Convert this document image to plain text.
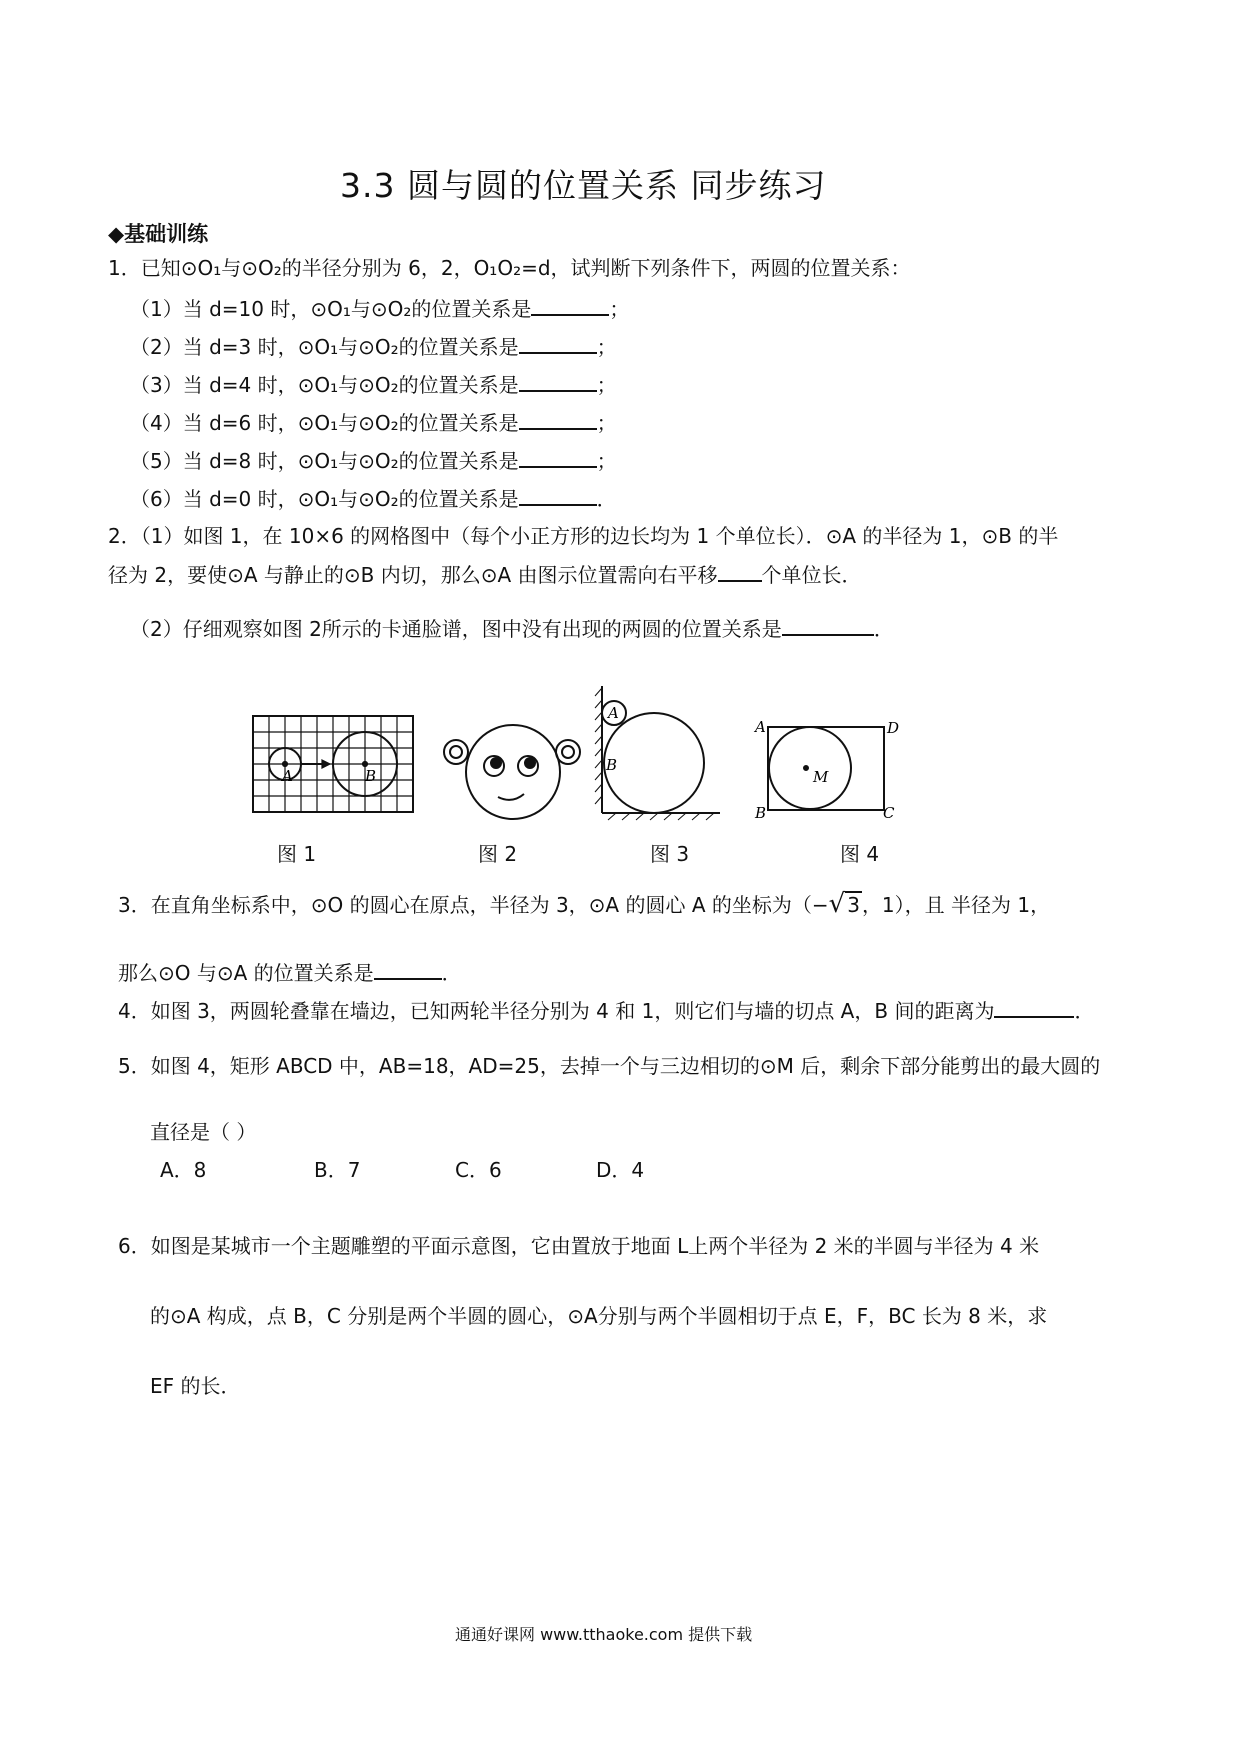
3.3 圆与圆的位置关系 同步练习
◆基础训练
1．已知⊙O₁与⊙O₂的半径分别为 6，2，O₁O₂=d，试判断下列条件下，两圆的位置关系：
（1）当 d=10 时，⊙O₁与⊙O₂的位置关系是	；
（2）当 d=3 时，⊙O₁与⊙O₂的位置关系是	；
（3）当 d=4 时，⊙O₁与⊙O₂的位置关系是	；
（4）当 d=6 时，⊙O₁与⊙O₂的位置关系是	；
（5）当 d=8 时，⊙O₁与⊙O₂的位置关系是	；
（6）当 d=0 时，⊙O₁与⊙O₂的位置关系是	．
2．（1）如图 1，在 10×6 的网格图中（每个小正方形的边长均为 1 个单位长）．⊙A 的半径为 1，⊙B 的半
径为 2，要使⊙A 与静止的⊙B 内切，那么⊙A 由图示位置需向右平移 个单位长．
（2）仔细观察如图 2所示的卡通脸谱，图中没有出现的两圆的位置关系是	．
A	B
A
B
A	D
B	C
M
图 1	图 2	图 3	图 4
3．在直角坐标系中，⊙O 的圆心在原点，半径为 3，⊙A 的圆心 A 的坐标为（−√ 3 ，1），且 半径为 1，
那么⊙O 与⊙A 的位置关系是	．
4．如图 3，两圆轮叠靠在墙边，已知两轮半径分别为 4 和 1，则它们与墙的切点 A，B 间的距离为	．
5．如图 4，矩形 ABCD 中，AB=18，AD=25，去掉一个与三边相切的⊙M 后，剩余下部分能剪出的最大圆的
直径是（ ）
A．8	B．7	C．6	D．4
6．如图是某城市一个主题雕塑的平面示意图，它由置放于地面 L上两个半径为 2 米的半圆与半径为 4 米
的⊙A 构成，点 B，C 分别是两个半圆的圆心，⊙A分别与两个半圆相切于点 E，F，BC 长为 8 米，求
EF 的长．
通通好课网 www.tthaoke.com 提供下载
